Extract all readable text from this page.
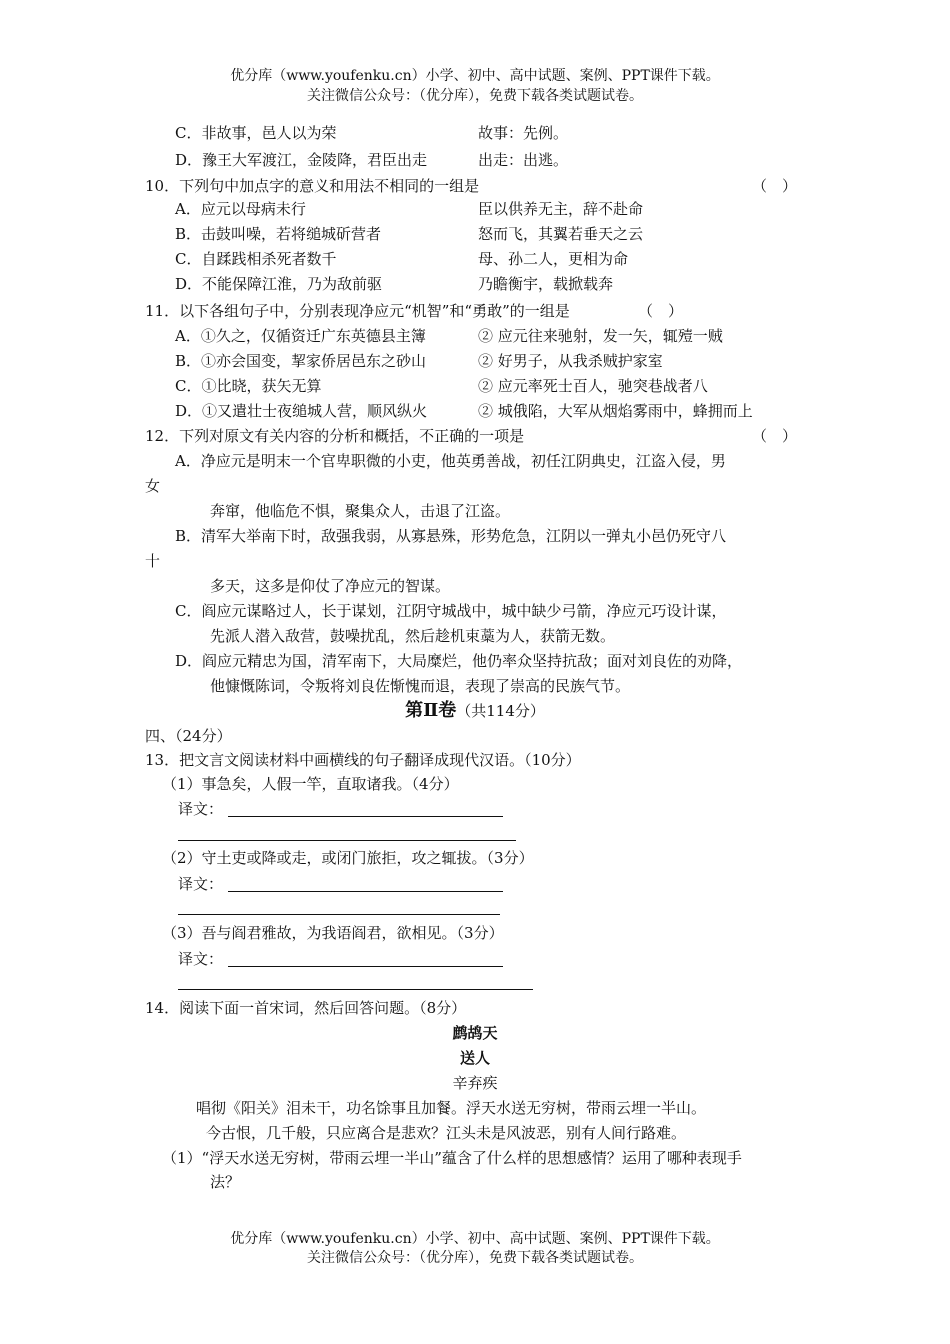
优分库（www.youfenku.cn）小学、初中、高中试题、案例、PPT课件下载。
关注微信公众号：（优分库），免费下载各类试题试卷。
C．非故事，邑人以为荣	故事：先例。
D．豫王大军渡江，金陵降，君臣出走	出走：出逃。
10．下列句中加点字的意义和用法不相同的一组是	（　）
A．应元以母病未行	臣以供养无主，辞不赴命
B．击鼓叫噪，若将缒城斫营者	怒而飞，其翼若垂天之云
C．自蹂践相杀死者数千	母、孙二人，更相为命
D．不能保障江淮，乃为敌前驱	乃瞻衡宇，载掀载奔
11．以下各组句子中，分别表现净应元“机智”和“勇敢”的一组是	（　）
A．①久之，仅循资迁广东英德县主簿	② 应元往来驰射，发一矢，辄殪一贼
B．①亦会国变，挈家侨居邑东之砂山	② 好男子，从我杀贼护家室
C．①比晓，获矢无算	② 应元率死士百人，驰突巷战者八
D．①又遣壮士夜缒城人营，顺风纵火	② 城俄陷，大军从烟焰雾雨中，蜂拥而上
12．下列对原文有关内容的分析和概括，不正确的一项是	（　）
A．净应元是明末一个官卑职微的小吏，他英勇善战，初任江阴典史，江盗入侵，男
女
奔窜，他临危不惧，聚集众人，击退了江盗。
B．清军大举南下时，敌强我弱，从寡悬殊，形势危急，江阴以一弹丸小邑仍死守八
十
多天，这多是仰仗了净应元的智谋。
C．阎应元谋略过人，长于谋划，江阴守城战中，城中缺少弓箭，净应元巧设计谋，
先派人潜入敌营，鼓噪扰乱，然后趁机束藁为人，获箭无数。
D．阎应元精忠为国，清军南下，大局糜烂，他仍率众坚持抗敌；面对刘良佐的劝降，
他慷慨陈词，令叛将刘良佐惭愧而退，表现了崇高的民族气节。
第Ⅱ卷（共114分）
四、（24分）
13．把文言文阅读材料中画横线的句子翻译成现代汉语。（10分）
（1）事急矣，人假一竿，直取诸我。（4分）
译文：
（2）守土吏或降或走，或闭门旅拒，攻之辄拔。（3分）
译文：
（3）吾与阎君雅故，为我语阎君，欲相见。（3分）
译文：
14．阅读下面一首宋词，然后回答问题。（8分）
鹧鸪天
送人
辛弃疾
唱彻《阳关》泪未干，功名馀事且加餐。浮天水送无穷树，带雨云埋一半山。
今古恨，几千般，只应离合是悲欢？江头未是风波恶，别有人间行路难。
（1）“浮天水送无穷树，带雨云埋一半山”蕴含了什么样的思想感情？运用了哪种表现手
法？
优分库（www.youfenku.cn）小学、初中、高中试题、案例、PPT课件下载。
关注微信公众号：（优分库），免费下载各类试题试卷。
